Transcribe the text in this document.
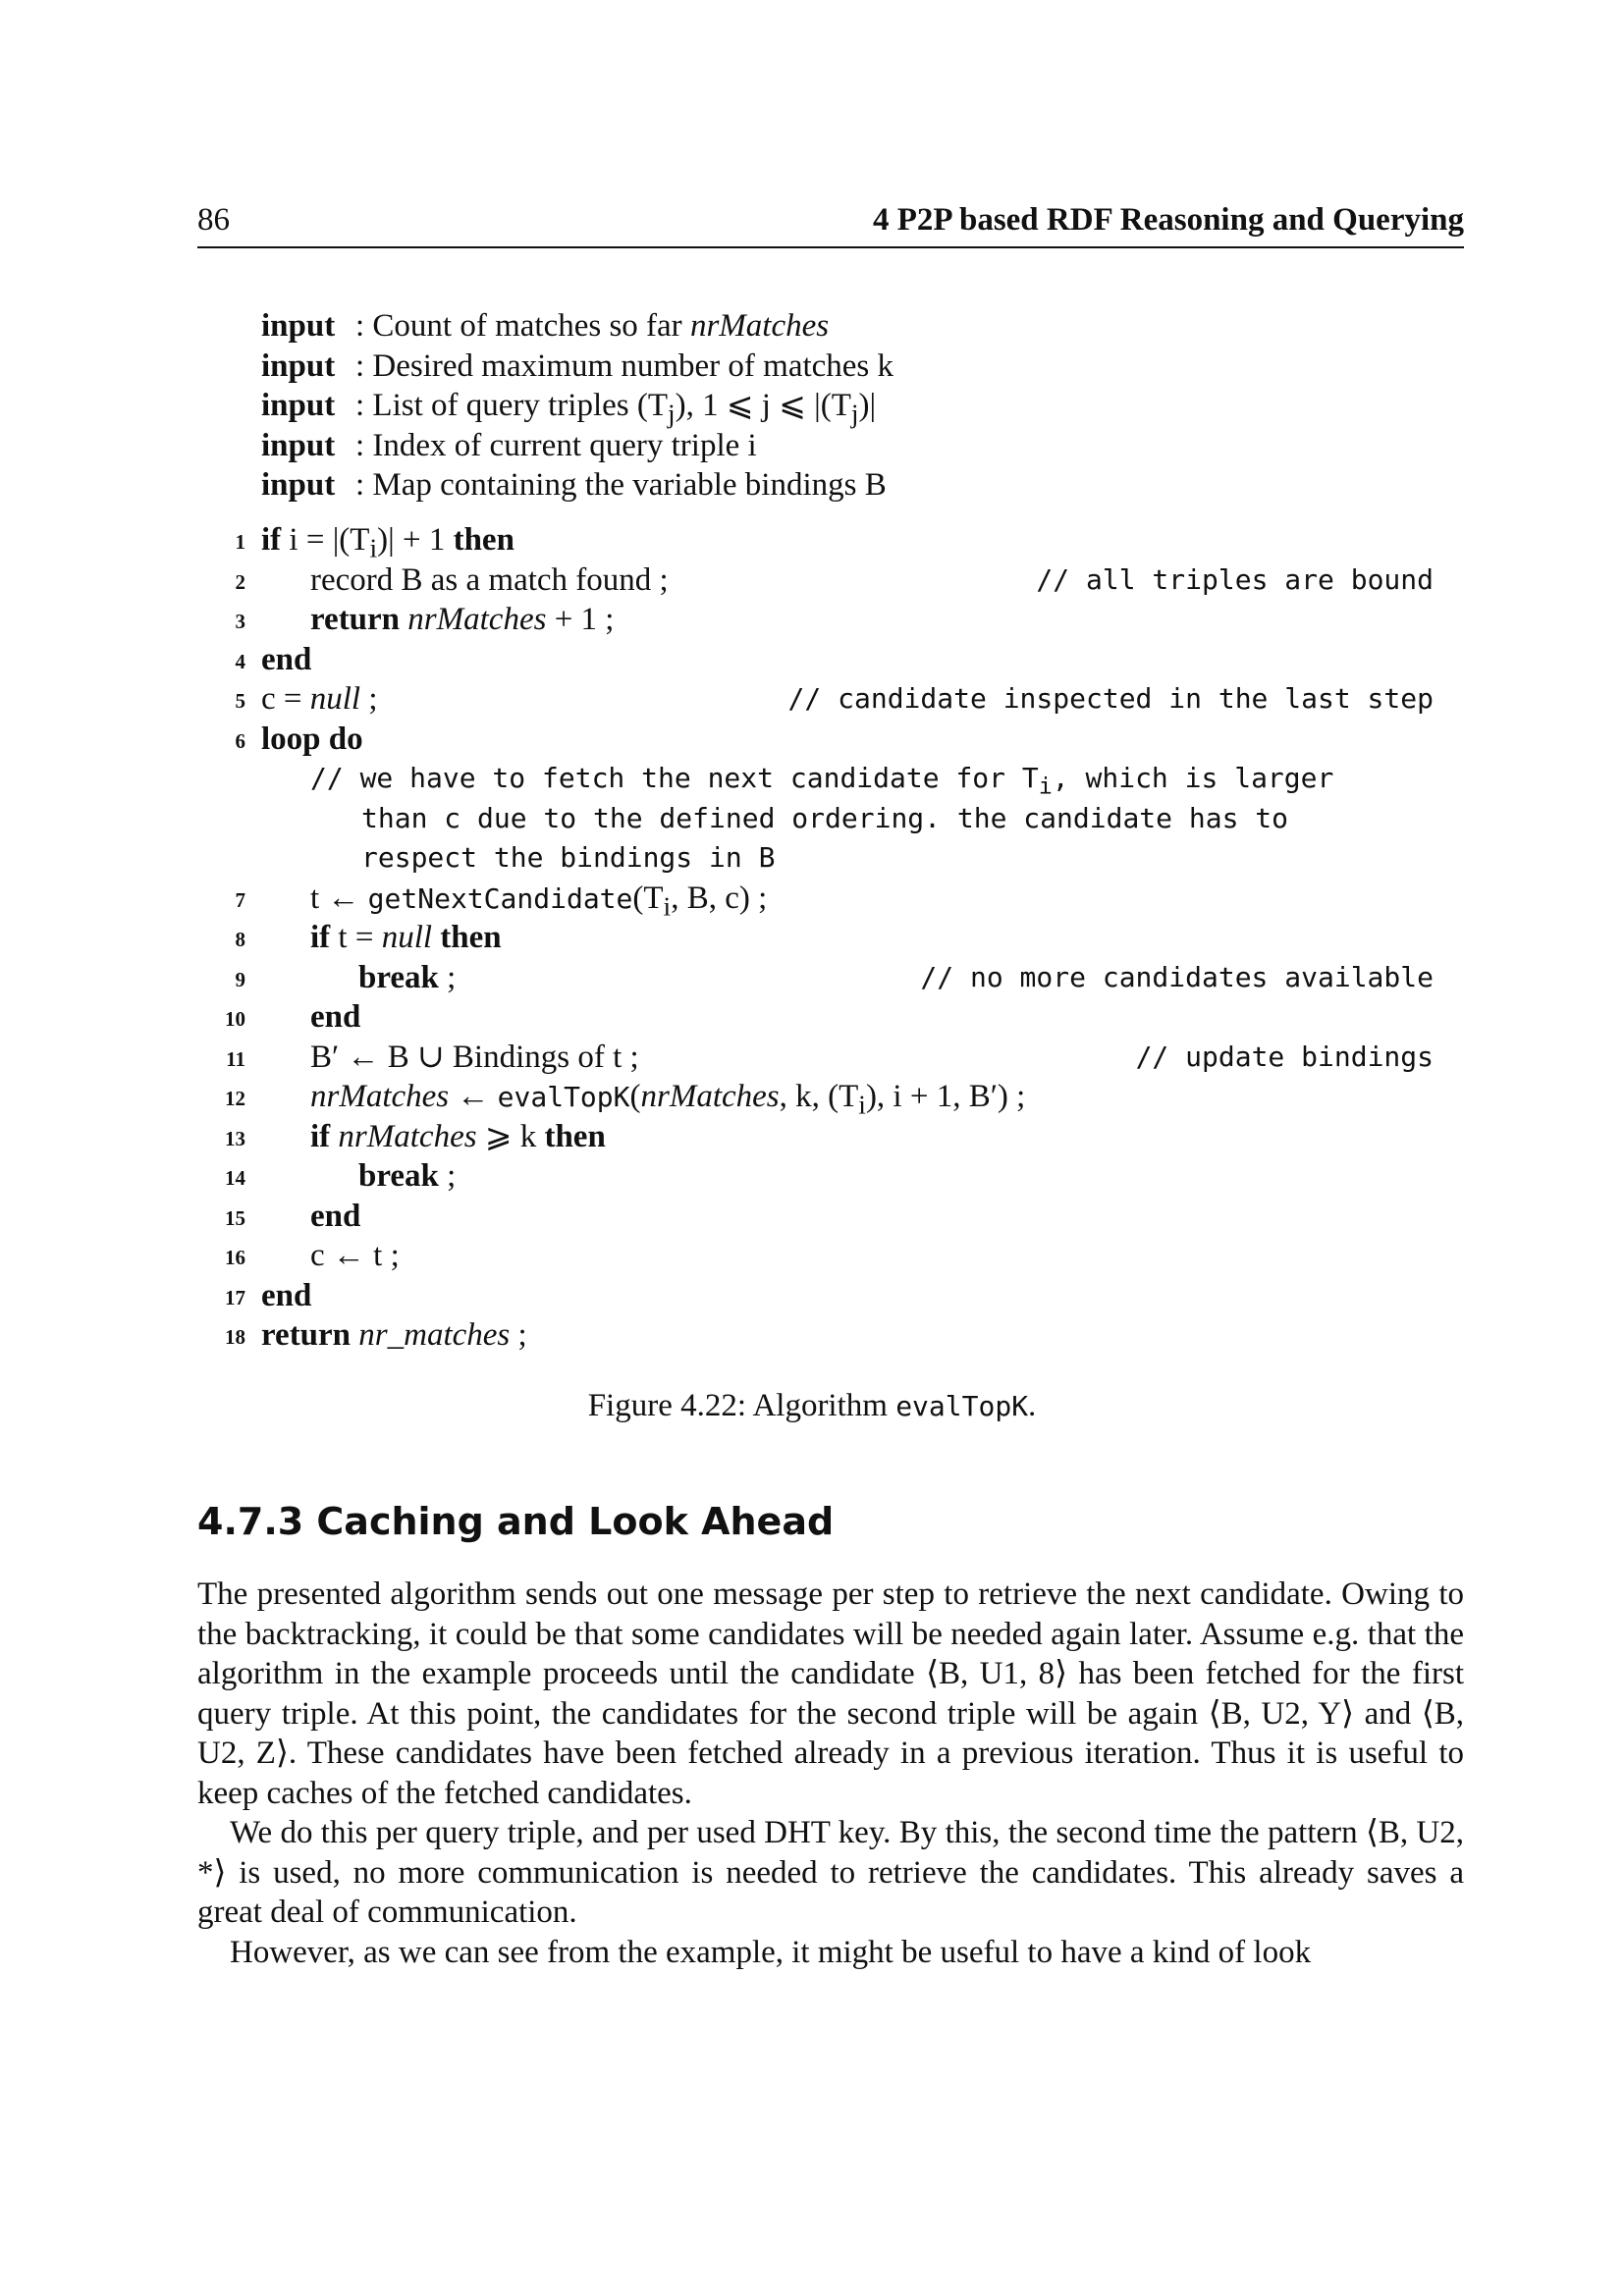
86	4 P2P based RDF Reasoning and Querying
input : Count of matches so far nrMatches
input : Desired maximum number of matches k
input : List of query triples $(T_j)$, 1 ⩽ j ⩽ $|(T_j)|$
input : Index of current query triple i
input : Map containing the variable bindings B
1 if $i = |(T_i)| + 1$ then
2 record B as a match found ;	// all triples are bound
3 return nrMatches + 1 ;
4 end
5 c = null ;	// candidate inspected in the last step
6 loop do
// we have to fetch the next candidate for $T_i$, which is larger
than c due to the defined ordering. the candidate has to
respect the bindings in B
7 t ← $getNextCandidate(T_i$, B, c) ;
8 if t = null then
9	break ;	// no more candidates available
10 end
11 B′ ← B ∪ Bindings of t ;	// update bindings
12 nrMatches ← evalTopK(nrMatches, k, $(T_i)$, i + 1, B′) ;
13 if nrMatches ⩾ k then
14	break ;
15 end
16 c ← t ;
17 end
18 return nr_matches ;
Figure 4.22: Algorithm evalTopK.
4.7.3 Caching and Look Ahead

The presented algorithm sends out one message per step to retrieve the next candidate. Owing to the backtracking, it could be that some candidates will be needed again later. Assume e.g. that the algorithm in the example proceeds until the candidate ⟨B, U1, 8⟩ has been fetched for the first query triple. At this point, the candidates for the second triple will be again ⟨B, U2, Y⟩ and ⟨B, U2, Z⟩. These candidates have been fetched already in a previous iteration. Thus it is useful to keep caches of the fetched candidates.

We do this per query triple, and per used DHT key. By this, the second time the pattern ⟨B, U2, *⟩ is used, no more communication is needed to retrieve the candidates. This already saves a great deal of communication.

However, as we can see from the example, it might be useful to have a kind of look
